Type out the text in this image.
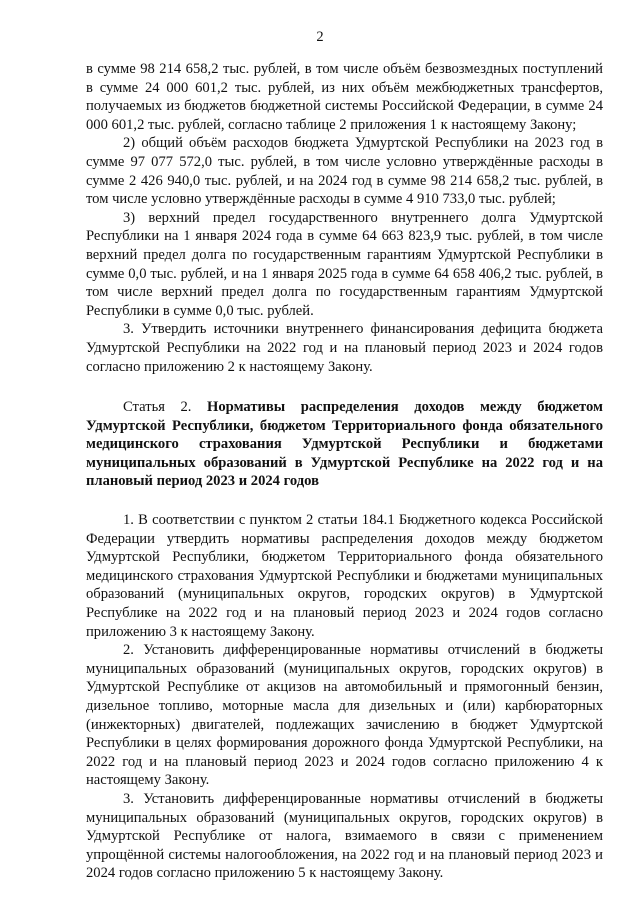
2

в сумме 98 214 658,2 тыс. рублей, в том числе объём безвозмездных поступлений в сумме 24 000 601,2 тыс. рублей, из них объём межбюджетных трансфертов, получаемых из бюджетов бюджетной системы Российской Федерации, в сумме 24 000 601,2 тыс. рублей, согласно таблице 2 приложения 1 к настоящему Закону;

2) общий объём расходов бюджета Удмуртской Республики на 2023 год в сумме 97 077 572,0 тыс. рублей, в том числе условно утверждённые расходы в сумме 2 426 940,0 тыс. рублей, и на 2024 год в сумме 98 214 658,2 тыс. рублей, в том числе условно утверждённые расходы в сумме 4 910 733,0 тыс. рублей;

3) верхний предел государственного внутреннего долга Удмуртской Республики на 1 января 2024 года в сумме 64 663 823,9 тыс. рублей, в том числе верхний предел долга по государственным гарантиям Удмуртской Республики в сумме 0,0 тыс. рублей, и на 1 января 2025 года в сумме 64 658 406,2 тыс. рублей, в том числе верхний предел долга по государственным гарантиям Удмуртской Республики в сумме 0,0 тыс. рублей.

3. Утвердить источники внутреннего финансирования дефицита бюджета Удмуртской Республики на 2022 год и на плановый период 2023 и 2024 годов согласно приложению 2 к настоящему Закону.

Статья 2. Нормативы распределения доходов между бюджетом Удмуртской Республики, бюджетом Территориального фонда обязательного медицинского страхования Удмуртской Республики и бюджетами муниципальных образований в Удмуртской Республике на 2022 год и на плановый период 2023 и 2024 годов

1. В соответствии с пунктом 2 статьи 184.1 Бюджетного кодекса Российской Федерации утвердить нормативы распределения доходов между бюджетом Удмуртской Республики, бюджетом Территориального фонда обязательного медицинского страхования Удмуртской Республики и бюджетами муниципальных образований (муниципальных округов, городских округов) в Удмуртской Республике на 2022 год и на плановый период 2023 и 2024 годов согласно приложению 3 к настоящему Закону.

2. Установить дифференцированные нормативы отчислений в бюджеты муниципальных образований (муниципальных округов, городских округов) в Удмуртской Республике от акцизов на автомобильный и прямогонный бензин, дизельное топливо, моторные масла для дизельных и (или) карбюраторных (инжекторных) двигателей, подлежащих зачислению в бюджет Удмуртской Республики в целях формирования дорожного фонда Удмуртской Республики, на 2022 год и на плановый период 2023 и 2024 годов согласно приложению 4 к настоящему Закону.

3. Установить дифференцированные нормативы отчислений в бюджеты муниципальных образований (муниципальных округов, городских округов) в Удмуртской Республике от налога, взимаемого в связи с применением упрощённой системы налогообложения, на 2022 год и на плановый период 2023 и 2024 годов согласно приложению 5 к настоящему Закону.
